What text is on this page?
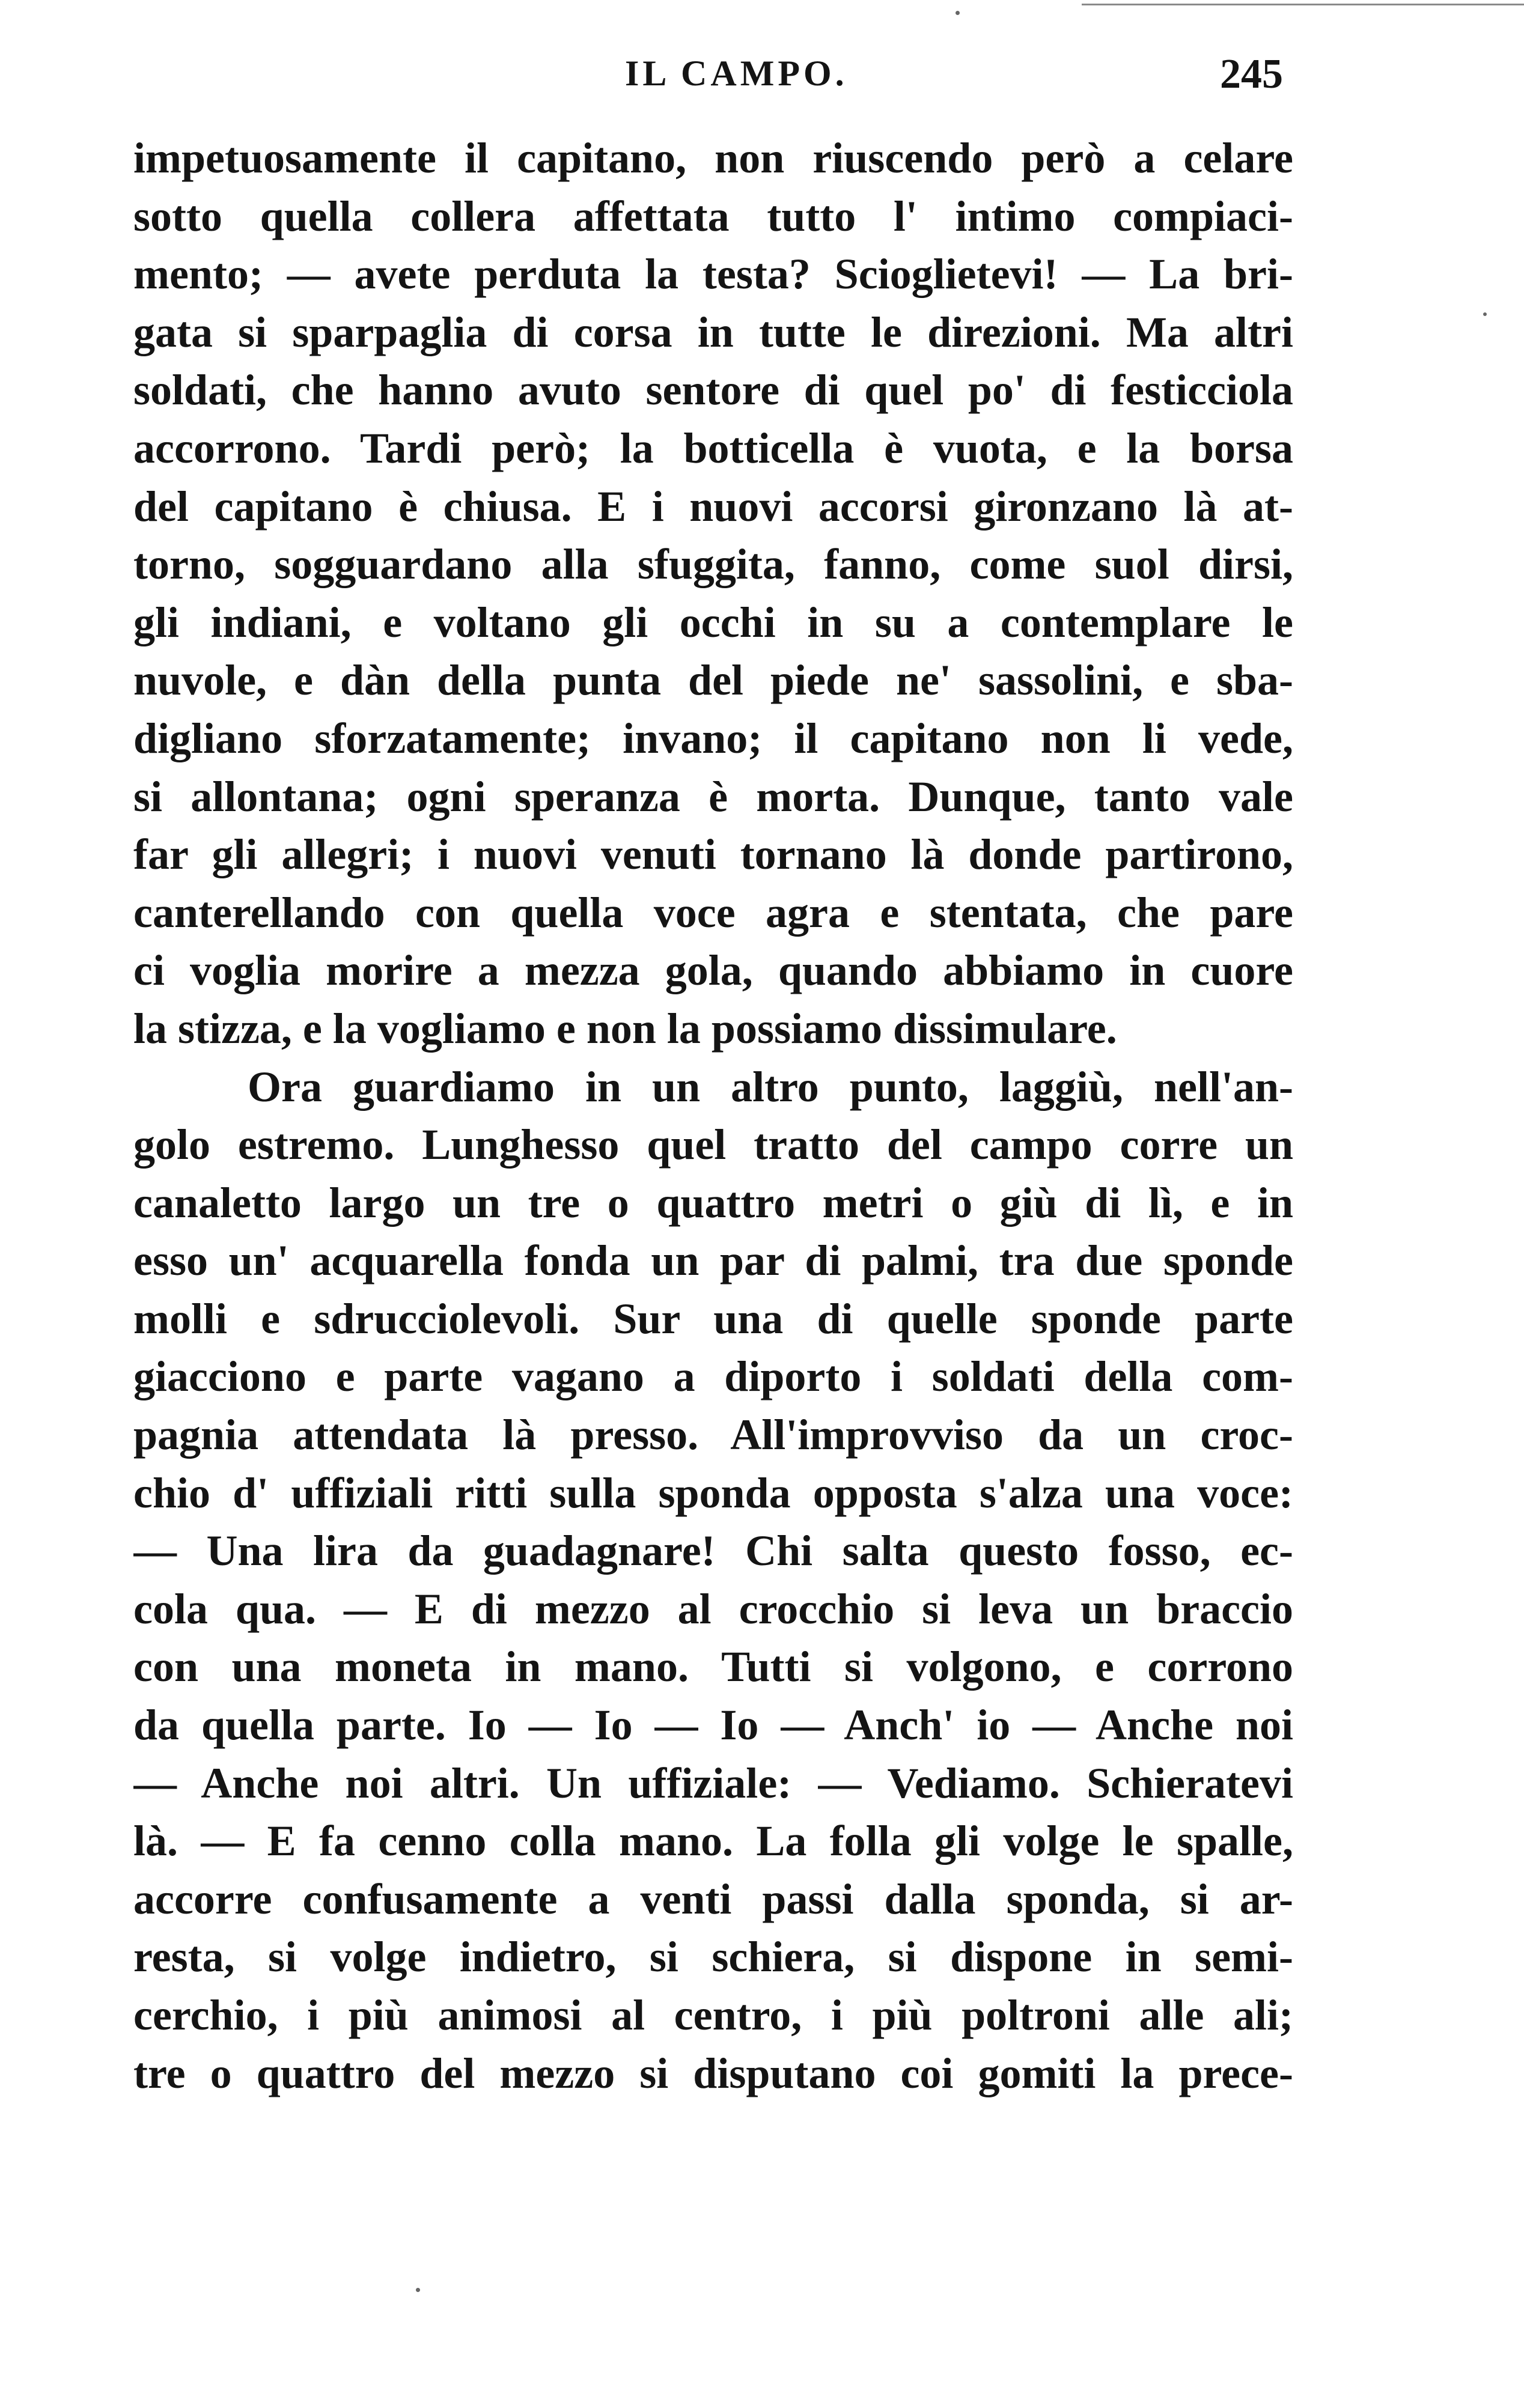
IL CAMPO.	245
impetuosamente il capitano, non riuscendo però a celare
sotto quella collera affettata tutto l' intimo compiaci-
mento; — avete perduta la testa? Scioglietevi! — La bri-
gata si sparpaglia di corsa in tutte le direzioni. Ma altri
soldati, che hanno avuto sentore di quel po' di festicciola
accorrono. Tardi però; la botticella è vuota, e la borsa
del capitano è chiusa. E i nuovi accorsi gironzano là at-
torno, sogguardano alla sfuggita, fanno, come suol dirsi,
gli indiani, e voltano gli occhi in su a contemplare le
nuvole, e dàn della punta del piede ne' sassolini, e sba-
digliano sforzatamente; invano; il capitano non li vede,
si allontana; ogni speranza è morta. Dunque, tanto vale
far gli allegri; i nuovi venuti tornano là donde partirono,
canterellando con quella voce agra e stentata, che pare
ci voglia morire a mezza gola, quando abbiamo in cuore
la stizza, e la vogliamo e non la possiamo dissimulare.
Ora guardiamo in un altro punto, laggiù, nell'an-
golo estremo. Lunghesso quel tratto del campo corre un
canaletto largo un tre o quattro metri o giù di lì, e in
esso un' acquarella fonda un par di palmi, tra due sponde
molli e sdrucciolevoli. Sur una di quelle sponde parte
giacciono e parte vagano a diporto i soldati della com-
pagnia attendata là presso. All'improvviso da un croc-
chio d' uffiziali ritti sulla sponda opposta s'alza una voce:
— Una lira da guadagnare! Chi salta questo fosso, ec-
cola qua. — E di mezzo al crocchio si leva un braccio
con una moneta in mano. Tutti si volgono, e corrono
da quella parte. Io — Io — Io — Anch' io — Anche noi
— Anche noi altri. Un uffiziale: — Vediamo. Schieratevi
là. — E fa cenno colla mano. La folla gli volge le spalle,
accorre confusamente a venti passi dalla sponda, si ar-
resta, si volge indietro, si schiera, si dispone in semi-
cerchio, i più animosi al centro, i più poltroni alle ali;
tre o quattro del mezzo si disputano coi gomiti la prece-
